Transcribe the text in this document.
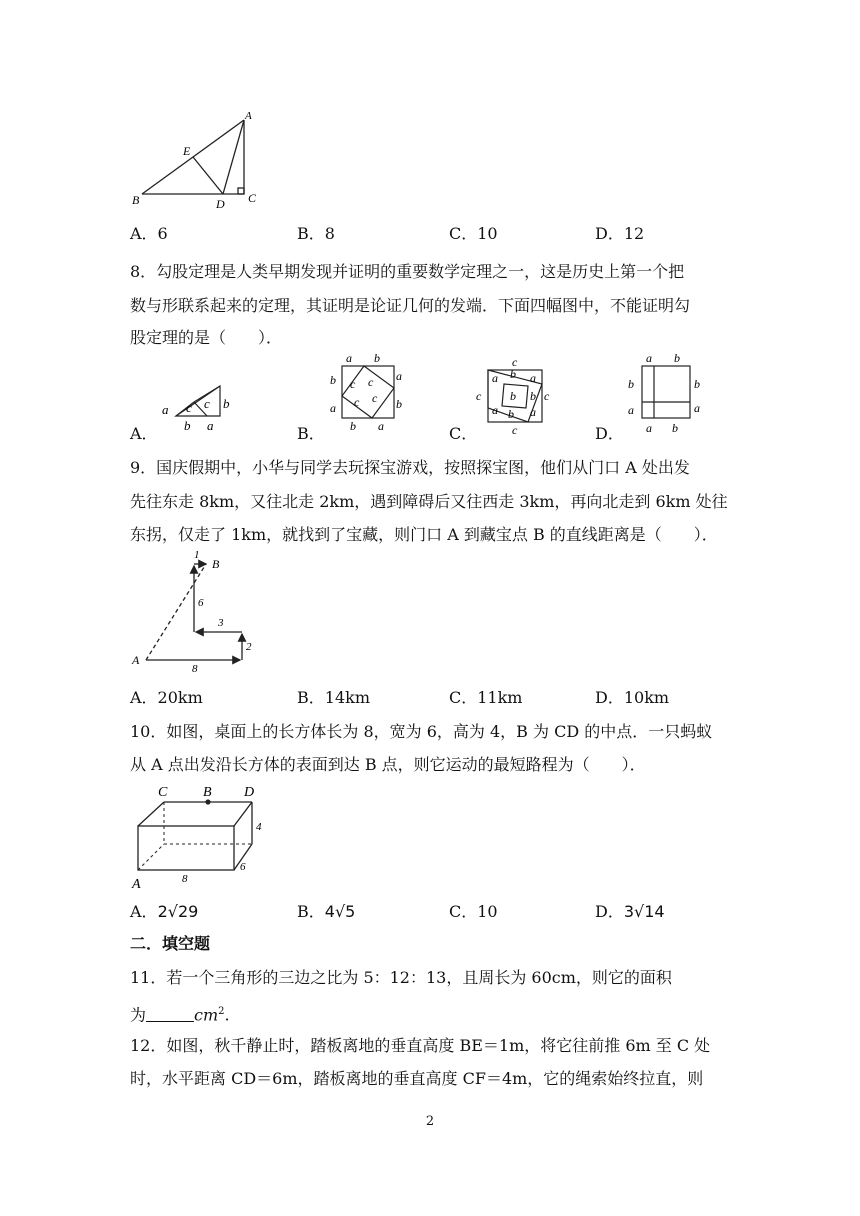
A
E
B	D C
A．6	B．8	C．10	D．12
8．勾股定理是人类早期发现并证明的重要数学定理之一，这是历史上第一个把
数与形联系起来的定理，其证明是论证几何的发端．下面四幅图中，不能证明勾
股定理的是（　　）．
A．
a c c b
b a	B．
a b
b
a
a
b
b a
c c
c
c
C．
c
c	c
c
a b a
b b
a b a
D．
a b
b
a
b
a
a b
9．国庆假期中，小华与同学去玩探宝游戏，按照探宝图，他们从门口 A 处出发
先往东走 8km，又往北走 2km，遇到障碍后又往西走 3km，再向北走到 6km 处往
东拐，仅走了 1km，就找到了宝藏，则门口 A 到藏宝点 B 的直线距离是（　　）．
A
B
8
2
3
6
1
A．20km	B．14km	C．11km	D．10km
10．如图，桌面上的长方体长为 8，宽为 6，高为 4，B 为 CD 的中点．一只蚂蚁
从 A 点出发沿长方体的表面到达 B 点，则它运动的最短路程为（　　）．
C	B D
4
6
8
A
A．2√29	B．4√5	C．10	D．3√14
二．填空题
11．若一个三角形的三边之比为 5：12：13，且周长为 60cm，则它的面积
为	$cm^2$.
12．如图，秋千静止时，踏板离地的垂直高度 BE＝1m，将它往前推 6m 至 C 处
时，水平距离 CD＝6m，踏板离地的垂直高度 CF＝4m，它的绳索始终拉直，则
2
